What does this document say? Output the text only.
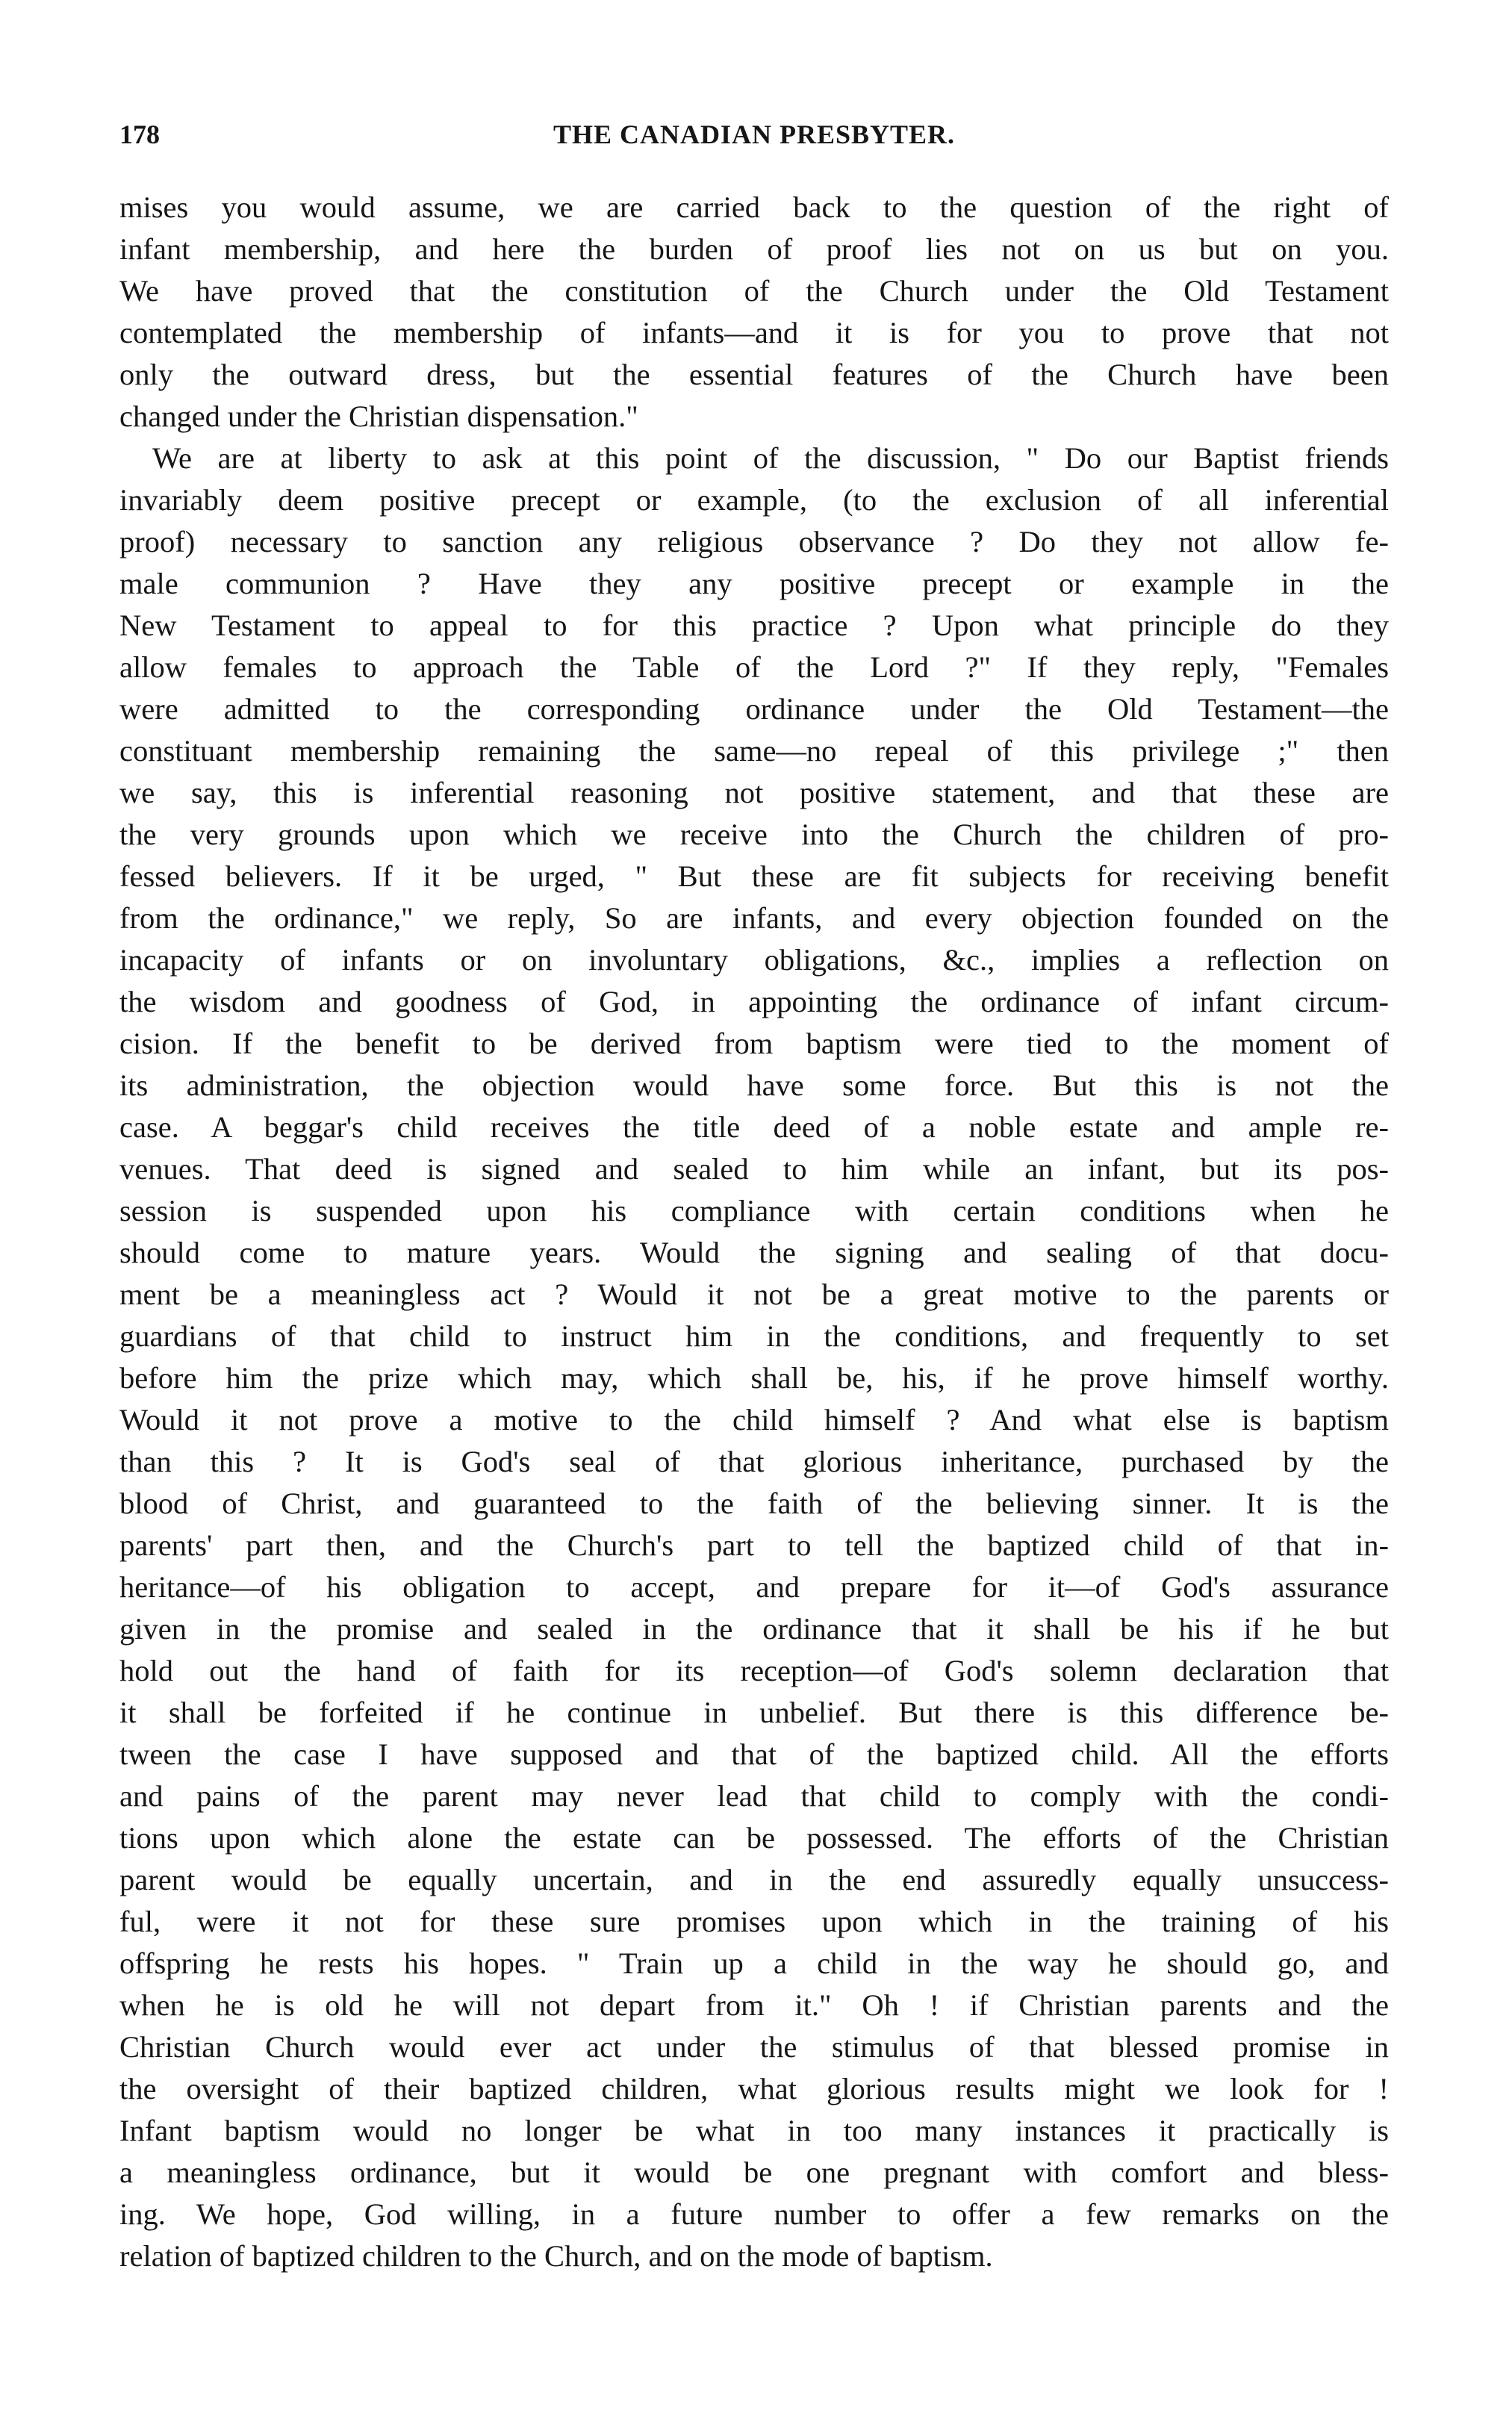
178	THE CANADIAN PRESBYTER.
mises you would assume, we are carried back to the question of the right of
infant membership, and here the burden of proof lies not on us but on you.
We have proved that the constitution of the Church under the Old Testament
contemplated the membership of infants—and it is for you to prove that not
only the outward dress, but the essential features of the Church have been
changed under the Christian dispensation."
We are at liberty to ask at this point of the discussion, " Do our Baptist friends
invariably deem positive precept or example, (to the exclusion of all inferential
proof) necessary to sanction any religious observance ? Do they not allow fe-
male communion ? Have they any positive precept or example in the
New Testament to appeal to for this practice ? Upon what principle do they
allow females to approach the Table of the Lord ?" If they reply, "Females
were admitted to the corresponding ordinance under the Old Testament—the
constituant membership remaining the same—no repeal of this privilege ;" then
we say, this is inferential reasoning not positive statement, and that these are
the very grounds upon which we receive into the Church the children of pro-
fessed believers. If it be urged, " But these are fit subjects for receiving benefit
from the ordinance," we reply, So are infants, and every objection founded on the
incapacity of infants or on involuntary obligations, &c., implies a reflection on
the wisdom and goodness of God, in appointing the ordinance of infant circum-
cision. If the benefit to be derived from baptism were tied to the moment of
its administration, the objection would have some force. But this is not the
case. A beggar's child receives the title deed of a noble estate and ample re-
venues. That deed is signed and sealed to him while an infant, but its pos-
session is suspended upon his compliance with certain conditions when he
should come to mature years. Would the signing and sealing of that docu-
ment be a meaningless act ? Would it not be a great motive to the parents or
guardians of that child to instruct him in the conditions, and frequently to set
before him the prize which may, which shall be, his, if he prove himself worthy.
Would it not prove a motive to the child himself ? And what else is baptism
than this ? It is God's seal of that glorious inheritance, purchased by the
blood of Christ, and guaranteed to the faith of the believing sinner. It is the
parents' part then, and the Church's part to tell the baptized child of that in-
heritance—of his obligation to accept, and prepare for it—of God's assurance
given in the promise and sealed in the ordinance that it shall be his if he but
hold out the hand of faith for its reception—of God's solemn declaration that
it shall be forfeited if he continue in unbelief. But there is this difference be-
tween the case I have supposed and that of the baptized child. All the efforts
and pains of the parent may never lead that child to comply with the condi-
tions upon which alone the estate can be possessed. The efforts of the Christian
parent would be equally uncertain, and in the end assuredly equally unsuccess-
ful, were it not for these sure promises upon which in the training of his
offspring he rests his hopes. " Train up a child in the way he should go, and
when he is old he will not depart from it." Oh ! if Christian parents and the
Christian Church would ever act under the stimulus of that blessed promise in
the oversight of their baptized children, what glorious results might we look for !
Infant baptism would no longer be what in too many instances it practically is
a meaningless ordinance, but it would be one pregnant with comfort and bless-
ing. We hope, God willing, in a future number to offer a few remarks on the
relation of baptized children to the Church, and on the mode of baptism.
